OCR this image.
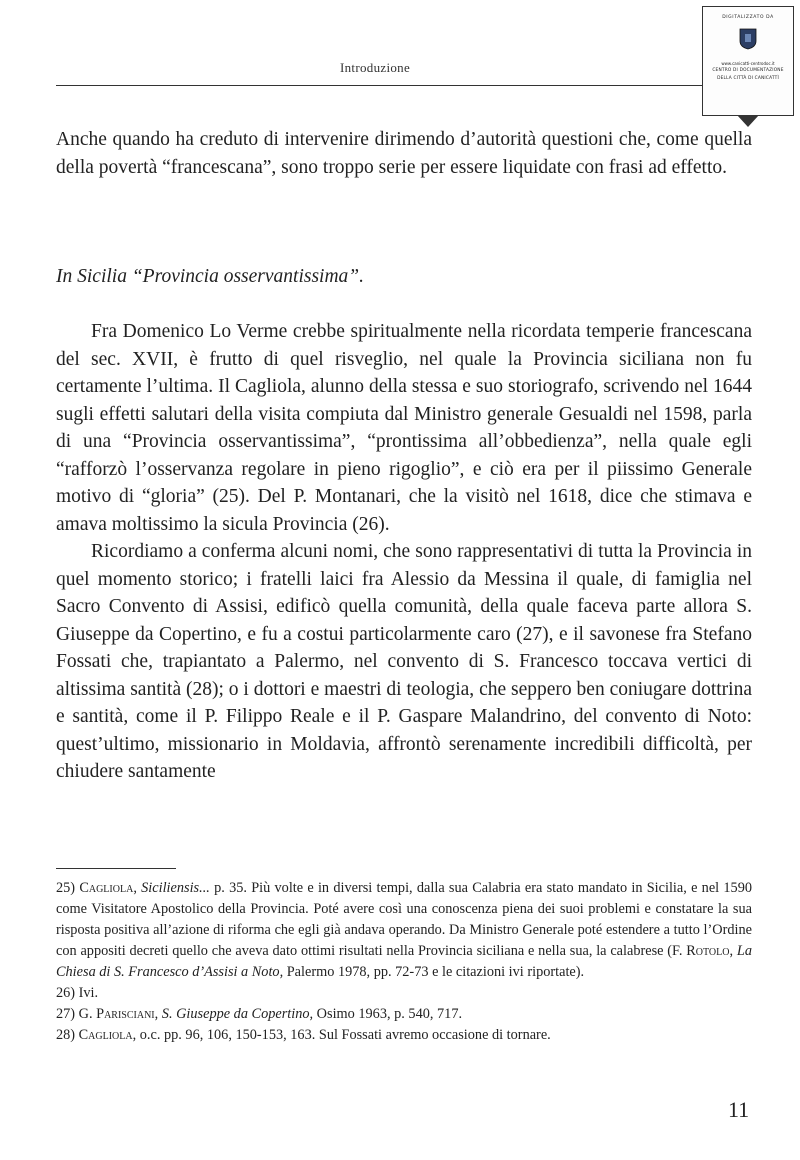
Introduzione
DIGITALIZZATO DA
www.canicatti-centrodoc.it
CENTRO DI DOCUMENTAZIONE
DELLA CITTÀ DI CANICATTÌ

Anche quando ha creduto di intervenire dirimendo d’autorità questioni che, come quella della povertà “francescana”, sono troppo serie per essere liquidate con frasi ad effetto.

In Sicilia “Provincia osservantissima”.

Fra Domenico Lo Verme crebbe spiritualmente nella ricordata temperie francescana del sec. XVII, è frutto di quel risveglio, nel quale la Provincia siciliana non fu certamente l’ultima. Il Cagliola, alunno della stessa e suo storiografo, scrivendo nel 1644 sugli effetti salutari della visita compiuta dal Ministro generale Gesualdi nel 1598, parla di una “Provincia osservantissima”, “prontissima all’obbedienza”, nella quale egli “rafforzò l’osservanza regolare in pieno rigoglio”, e ciò era per il piissimo Generale motivo di “gloria” (25). Del P. Montanari, che la visitò nel 1618, dice che stimava e amava moltissimo la sicula Provincia (26).

Ricordiamo a conferma alcuni nomi, che sono rappresentativi di tutta la Provincia in quel momento storico; i fratelli laici fra Alessio da Messina il quale, di famiglia nel Sacro Convento di Assisi, edificò quella comunità, della quale faceva parte allora S. Giuseppe da Copertino, e fu a costui particolarmente caro (27), e il savonese fra Stefano Fossati che, trapiantato a Palermo, nel convento di S. Francesco toccava vertici di altissima santità (28); o i dottori e maestri di teologia, che seppero ben coniugare dottrina e santità, come il P. Filippo Reale e il P. Gaspare Malandrino, del convento di Noto: quest’ultimo, missionario in Moldavia, affrontò serenamente incredibili difficoltà, per chiudere santamente

25) Cagliola, Siciliensis... p. 35. Più volte e in diversi tempi, dalla sua Calabria era stato mandato in Sicilia, e nel 1590 come Visitatore Apostolico della Provincia. Poté avere così una conoscenza piena dei suoi problemi e constatare la sua risposta positiva all’azione di riforma che egli già andava operando. Da Ministro Generale poté estendere a tutto l’Ordine con appositi decreti quello che aveva dato ottimi risultati nella Provincia siciliana e nella sua, la calabrese (F. Rotolo, La Chiesa di S. Francesco d’Assisi a Noto, Palermo 1978, pp. 72-73 e le citazioni ivi riportate).

26) Ivi.

27) G. Parisciani, S. Giuseppe da Copertino, Osimo 1963, p. 540, 717.

28) Cagliola, o.c. pp. 96, 106, 150-153, 163. Sul Fossati avremo occasione di tornare.

11
